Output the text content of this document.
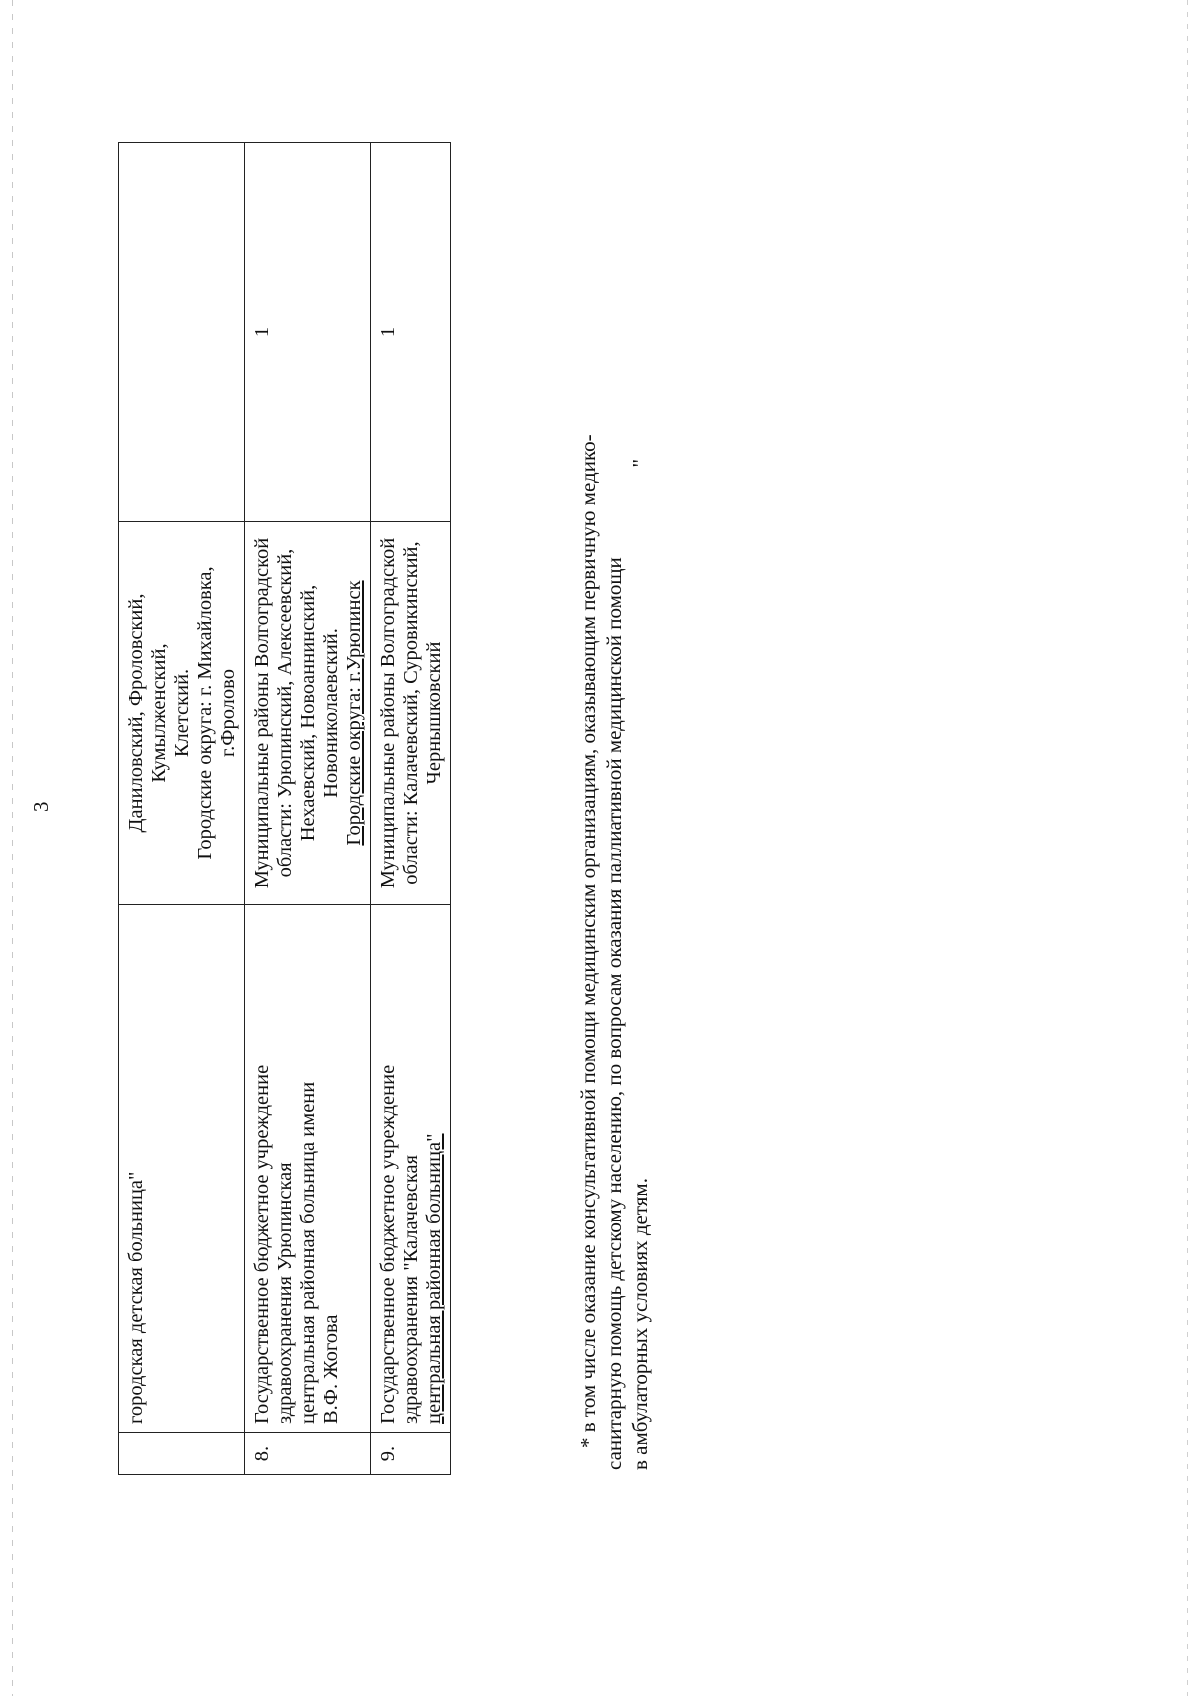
3

	городская детская больница"	Даниловский, Фроловский, Кумылженский, Клетский. Городские округа: г. Михайловка, г.Фролово	

8.	Государственное бюджетное учреждение здравоохранения Урюпинская центральная районная больница имени В.Ф. Жогова	Муниципальные районы Волгоградской области: Урюпинский, Алексеевский, Нехаевский, Новоаннинский, Новониколаевский. Городские округа: г.Урюпинск	1
9.	Государственное бюджетное учреждение здравоохранения "Калачевская центральная районная больница"	Муниципальные районы Волгоградской области: Калачевский, Суровикинский, Чернышковский	1
* в том числе оказание консультативной помощи медицинским организациям, оказывающим первичную медико- санитарную помощь детскому населению, по вопросам оказания паллиативной медицинской помощи в амбулаторных условиях детям.  "
